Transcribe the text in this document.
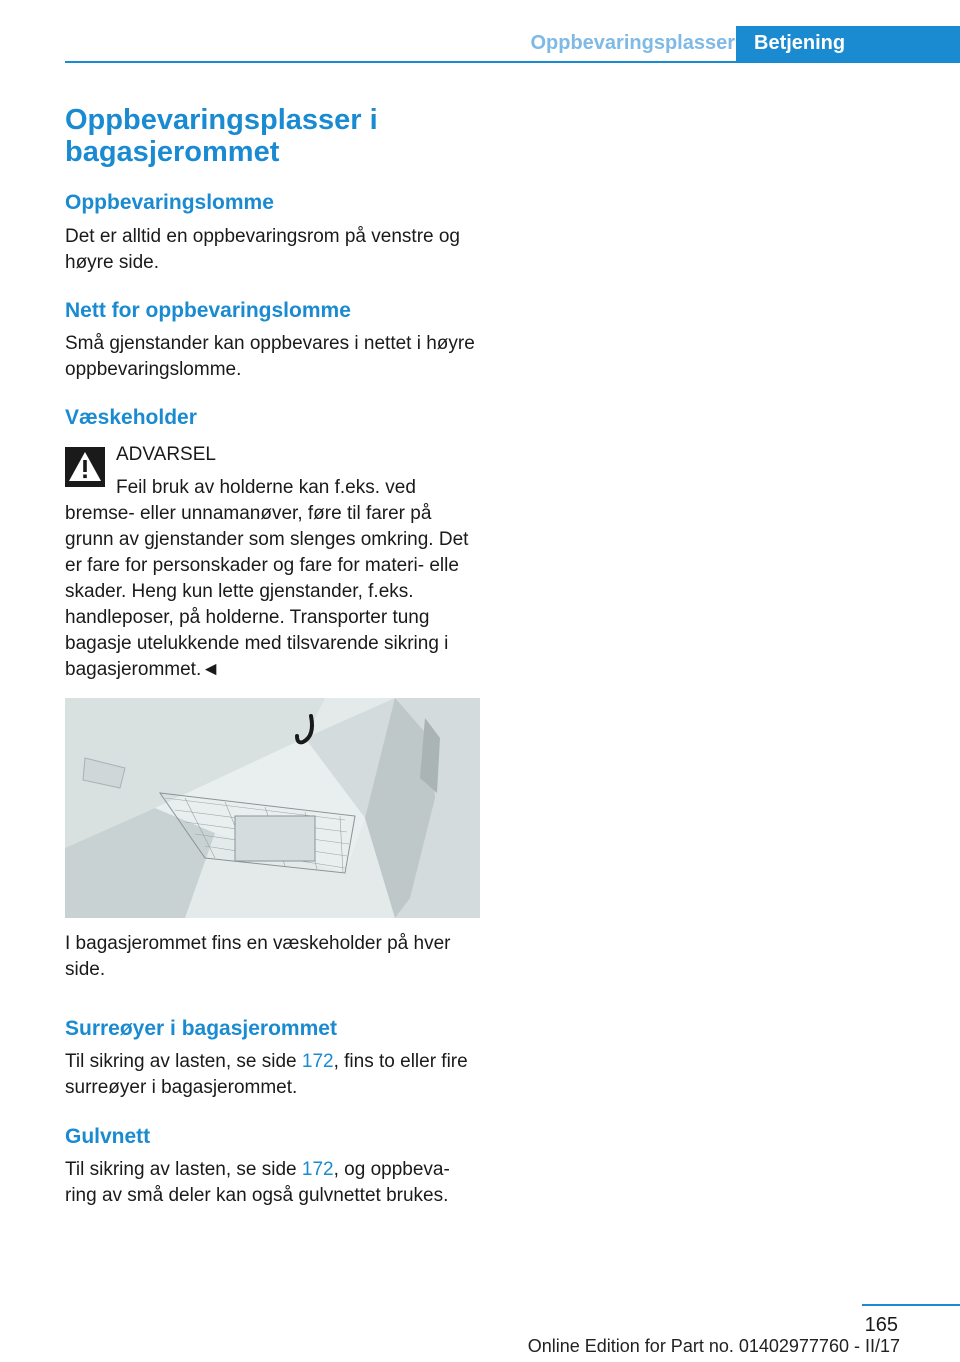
Oppbevaringsplasser Betjening
Oppbevaringsplasser i
bagasjerommet
Oppbevaringslomme

Det er alltid en oppbevaringsrom på venstre og høyre side.

Nett for oppbevaringslomme

Små gjenstander kan oppbevares i nettet i høyre oppbevaringslomme.

Væskeholder

ADVARSEL

Feil bruk av holderne kan f.eks. ved bremse- eller unnamanøver, føre til farer på grunn av gjenstander som slenges omkring. Det er fare for personskader og fare for materi- elle skader. Heng kun lette gjenstander, f.eks. handleposer, på holderne. Transporter tung bagasje utelukkende med tilsvarende sikring i bagasjerommet.◄

I bagasjerommet fins en væskeholder på hver side.

Surreøyer i bagasjerommet

Til sikring av lasten, se side 172, fins to eller fire surreøyer i bagasjerommet.

Gulvnett

Til sikring av lasten, se side 172, og oppbeva- ring av små deler kan også gulvnettet brukes.

165
Online Edition for Part no. 01402977760 - II/17
